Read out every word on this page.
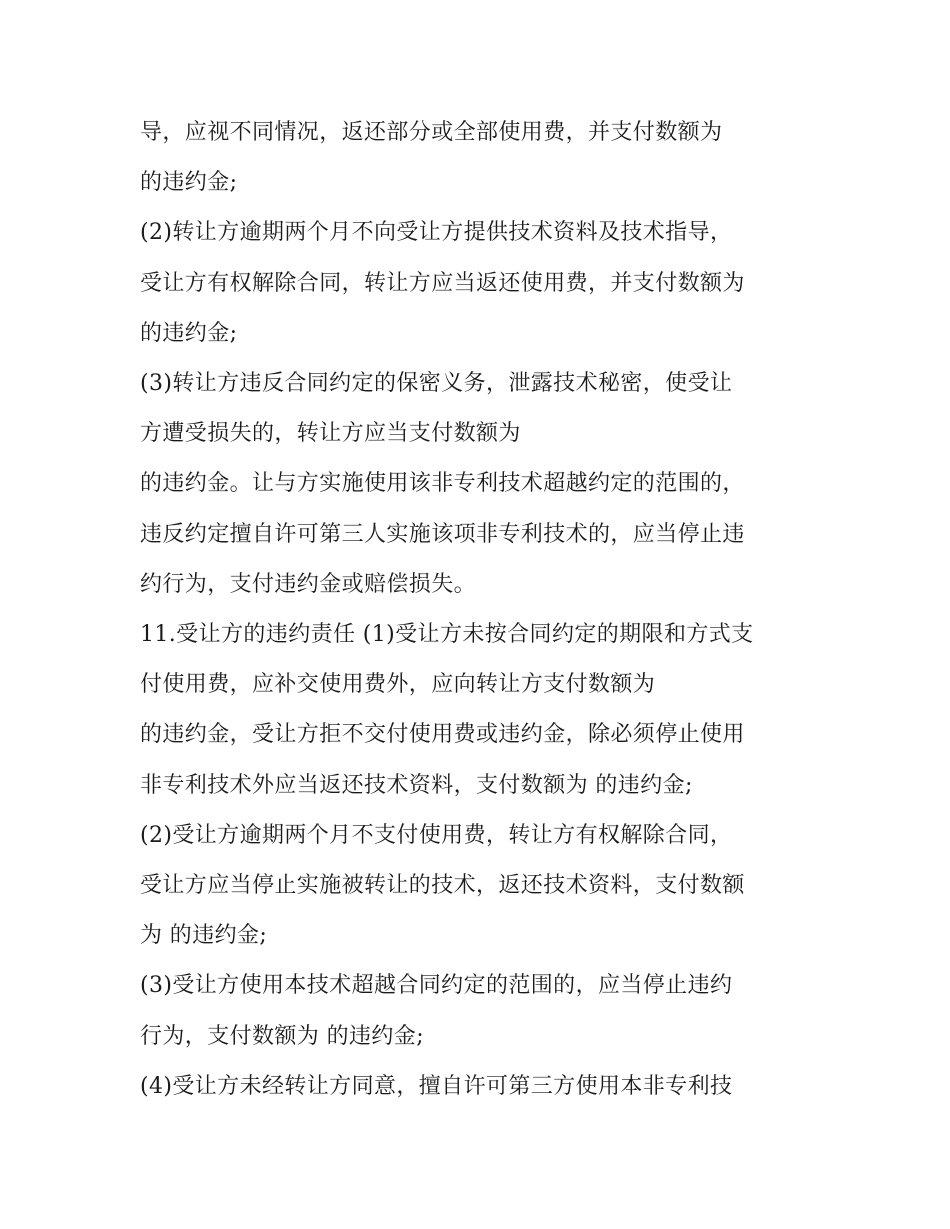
导，应视不同情况，返还部分或全部使用费，并支付数额为

的违约金;

(2)转让方逾期两个月不向受让方提供技术资料及技术指导，

受让方有权解除合同，转让方应当返还使用费，并支付数额为

的违约金;

(3)转让方违反合同约定的保密义务，泄露技术秘密，使受让

方遭受损失的，转让方应当支付数额为

的违约金。让与方实施使用该非专利技术超越约定的范围的，

违反约定擅自许可第三人实施该项非专利技术的，应当停止违

约行为，支付违约金或赔偿损失。

11.受让方的违约责任 (1)受让方未按合同约定的期限和方式支

付使用费，应补交使用费外，应向转让方支付数额为

的违约金，受让方拒不交付使用费或违约金，除必须停止使用

非专利技术外应当返还技术资料，支付数额为 的违约金;

(2)受让方逾期两个月不支付使用费，转让方有权解除合同，

受让方应当停止实施被转让的技术，返还技术资料，支付数额

为 的违约金;

(3)受让方使用本技术超越合同约定的范围的，应当停止违约

行为，支付数额为 的违约金;

(4)受让方未经转让方同意，擅自许可第三方使用本非专利技
